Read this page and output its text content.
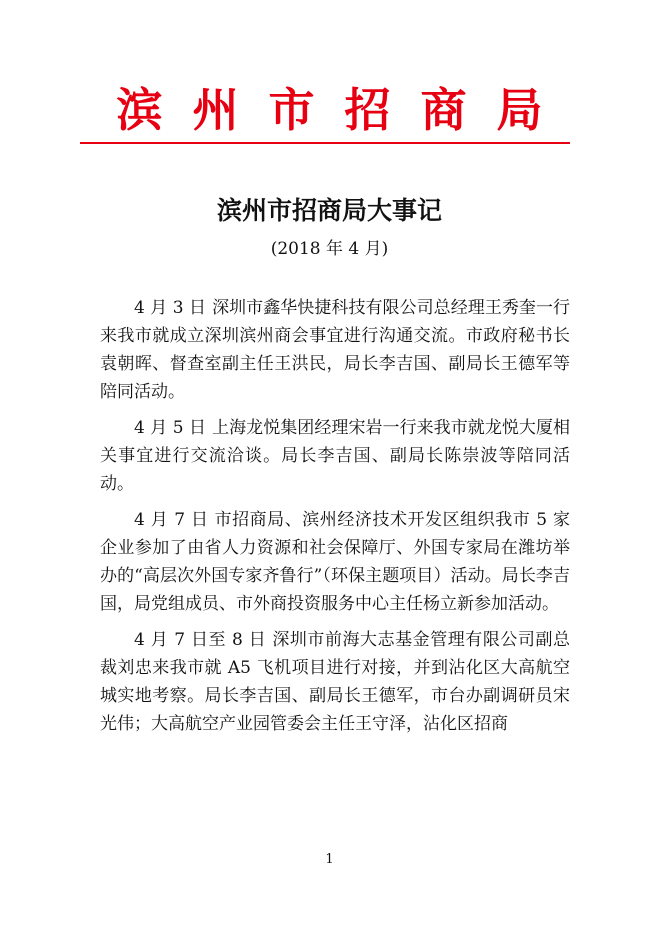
滨州市招商局
滨州市招商局大事记
(2018 年 4 月)

4 月 3 日 深圳市鑫华快捷科技有限公司总经理王秀奎一行来我市就成立深圳滨州商会事宜进行沟通交流。市政府秘书长袁朝晖、督查室副主任王洪民，局长李吉国、副局长王德军等陪同活动。

4 月 5 日 上海龙悦集团经理宋岩一行来我市就龙悦大厦相关事宜进行交流洽谈。局长李吉国、副局长陈崇波等陪同活动。

4 月 7 日 市招商局、滨州经济技术开发区组织我市 5 家企业参加了由省人力资源和社会保障厅、外国专家局在潍坊举办的“高层次外国专家齐鲁行”（环保主题项目）活动。局长李吉国，局党组成员、市外商投资服务中心主任杨立新参加活动。

4 月 7 日至 8 日 深圳市前海大志基金管理有限公司副总裁刘忠来我市就 A5 飞机项目进行对接，并到沾化区大高航空城实地考察。局长李吉国、副局长王德军，市台办副调研员宋光伟；大高航空产业园管委会主任王守泽，沾化区招商

1
